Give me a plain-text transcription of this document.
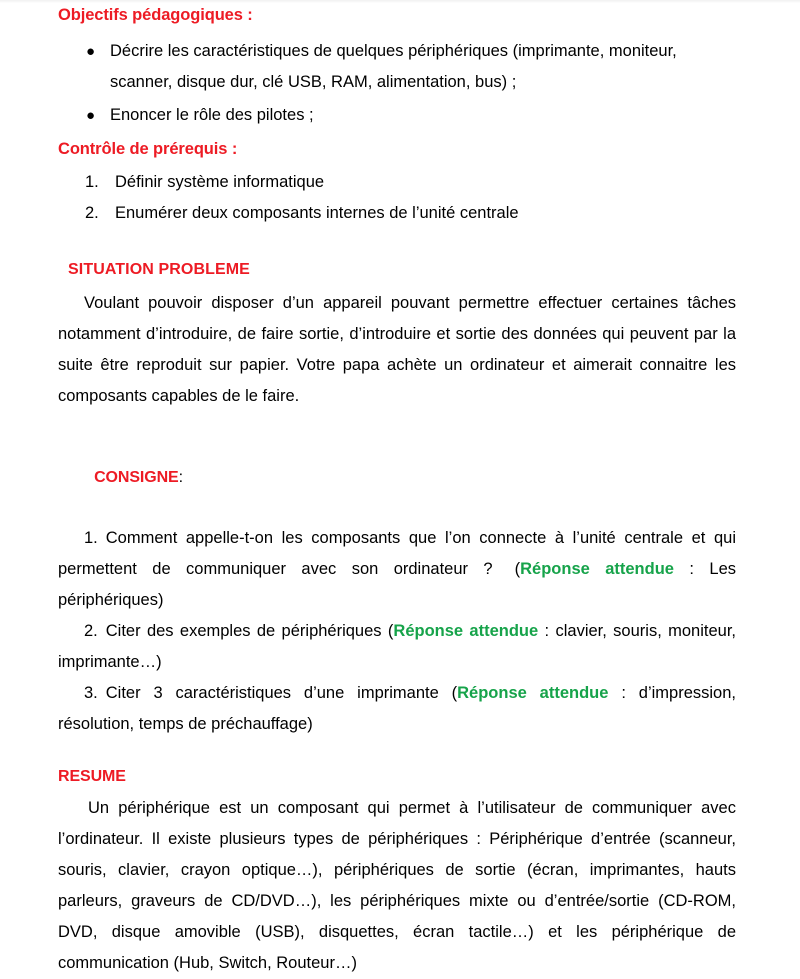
Objectifs pédagogiques :
● Décrire les caractéristiques de quelques périphériques (imprimante, moniteur, scanner, disque dur, clé USB, RAM, alimentation, bus) ;
● Enoncer le rôle des pilotes ;
Contrôle de prérequis :
1. Définir système informatique
2. Enumérer deux composants internes de l’unité centrale
SITUATION PROBLEME

Voulant pouvoir disposer d’un appareil pouvant permettre effectuer certaines tâches notamment d’introduire, de faire sortie, d’introduire et sortie des données qui peuvent par la suite être reproduit sur papier. Votre papa achète un ordinateur et aimerait connaitre les composants capables de le faire.

CONSIGNE:

1. Comment appelle-t-on les composants que l’on connecte à l’unité centrale et qui permettent de communiquer avec son ordinateur ? (Réponse attendue : Les périphériques)
2. Citer des exemples de périphériques (Réponse attendue : clavier, souris, moniteur, imprimante…)
3. Citer 3 caractéristiques d’une imprimante (Réponse attendue : d’impression, résolution, temps de préchauffage)
RESUME

Un périphérique est un composant qui permet à l’utilisateur de communiquer avec l’ordinateur. Il existe plusieurs types de périphériques : Périphérique d’entrée (scanneur, souris, clavier, crayon optique…), périphériques de sortie (écran, imprimantes, hauts parleurs, graveurs de CD/DVD…), les périphériques mixte ou d’entrée/sortie (CD-ROM, DVD, disque amovible (USB), disquettes, écran tactile…) et les périphérique de communication (Hub, Switch, Routeur…)
